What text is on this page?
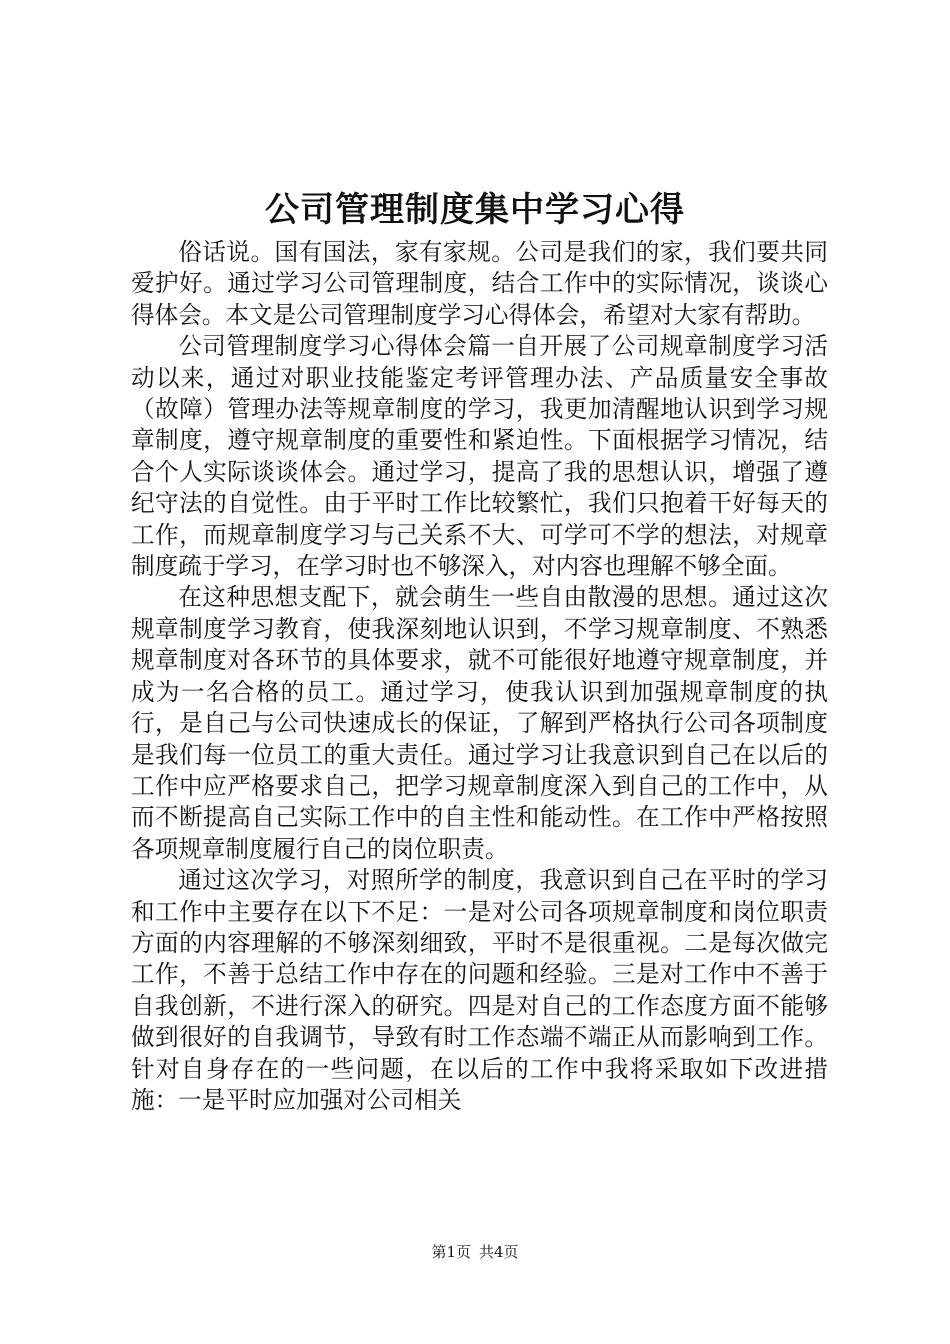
公司管理制度集中学习心得

俗话说。国有国法，家有家规。公司是我们的家，我们要共同爱护好。通过学习公司管理制度，结合工作中的实际情况，谈谈心得体会。本文是公司管理制度学习心得体会，希望对大家有帮助。

公司管理制度学习心得体会篇一自开展了公司规章制度学习活动以来，通过对职业技能鉴定考评管理办法、产品质量安全事故（故障）管理办法等规章制度的学习，我更加清醒地认识到学习规章制度，遵守规章制度的重要性和紧迫性。下面根据学习情况，结合个人实际谈谈体会。通过学习，提高了我的思想认识，增强了遵纪守法的自觉性。由于平时工作比较繁忙，我们只抱着干好每天的工作，而规章制度学习与己关系不大、可学可不学的想法，对规章制度疏于学习，在学习时也不够深入，对内容也理解不够全面。

在这种思想支配下，就会萌生一些自由散漫的思想。通过这次规章制度学习教育，使我深刻地认识到，不学习规章制度、不熟悉规章制度对各环节的具体要求，就不可能很好地遵守规章制度，并成为一名合格的员工。通过学习，使我认识到加强规章制度的执行，是自己与公司快速成长的保证，了解到严格执行公司各项制度是我们每一位员工的重大责任。通过学习让我意识到自己在以后的工作中应严格要求自己，把学习规章制度深入到自己的工作中，从而不断提高自己实际工作中的自主性和能动性。在工作中严格按照各项规章制度履行自己的岗位职责。

通过这次学习，对照所学的制度，我意识到自己在平时的学习和工作中主要存在以下不足：一是对公司各项规章制度和岗位职责方面的内容理解的不够深刻细致，平时不是很重视。二是每次做完工作，不善于总结工作中存在的问题和经验。三是对工作中不善于自我创新，不进行深入的研究。四是对自己的工作态度方面不能够做到很好的自我调节，导致有时工作态端不端正从而影响到工作。针对自身存在的一些问题，在以后的工作中我将采取如下改进措施：一是平时应加强对公司相关

第1页 共4页
